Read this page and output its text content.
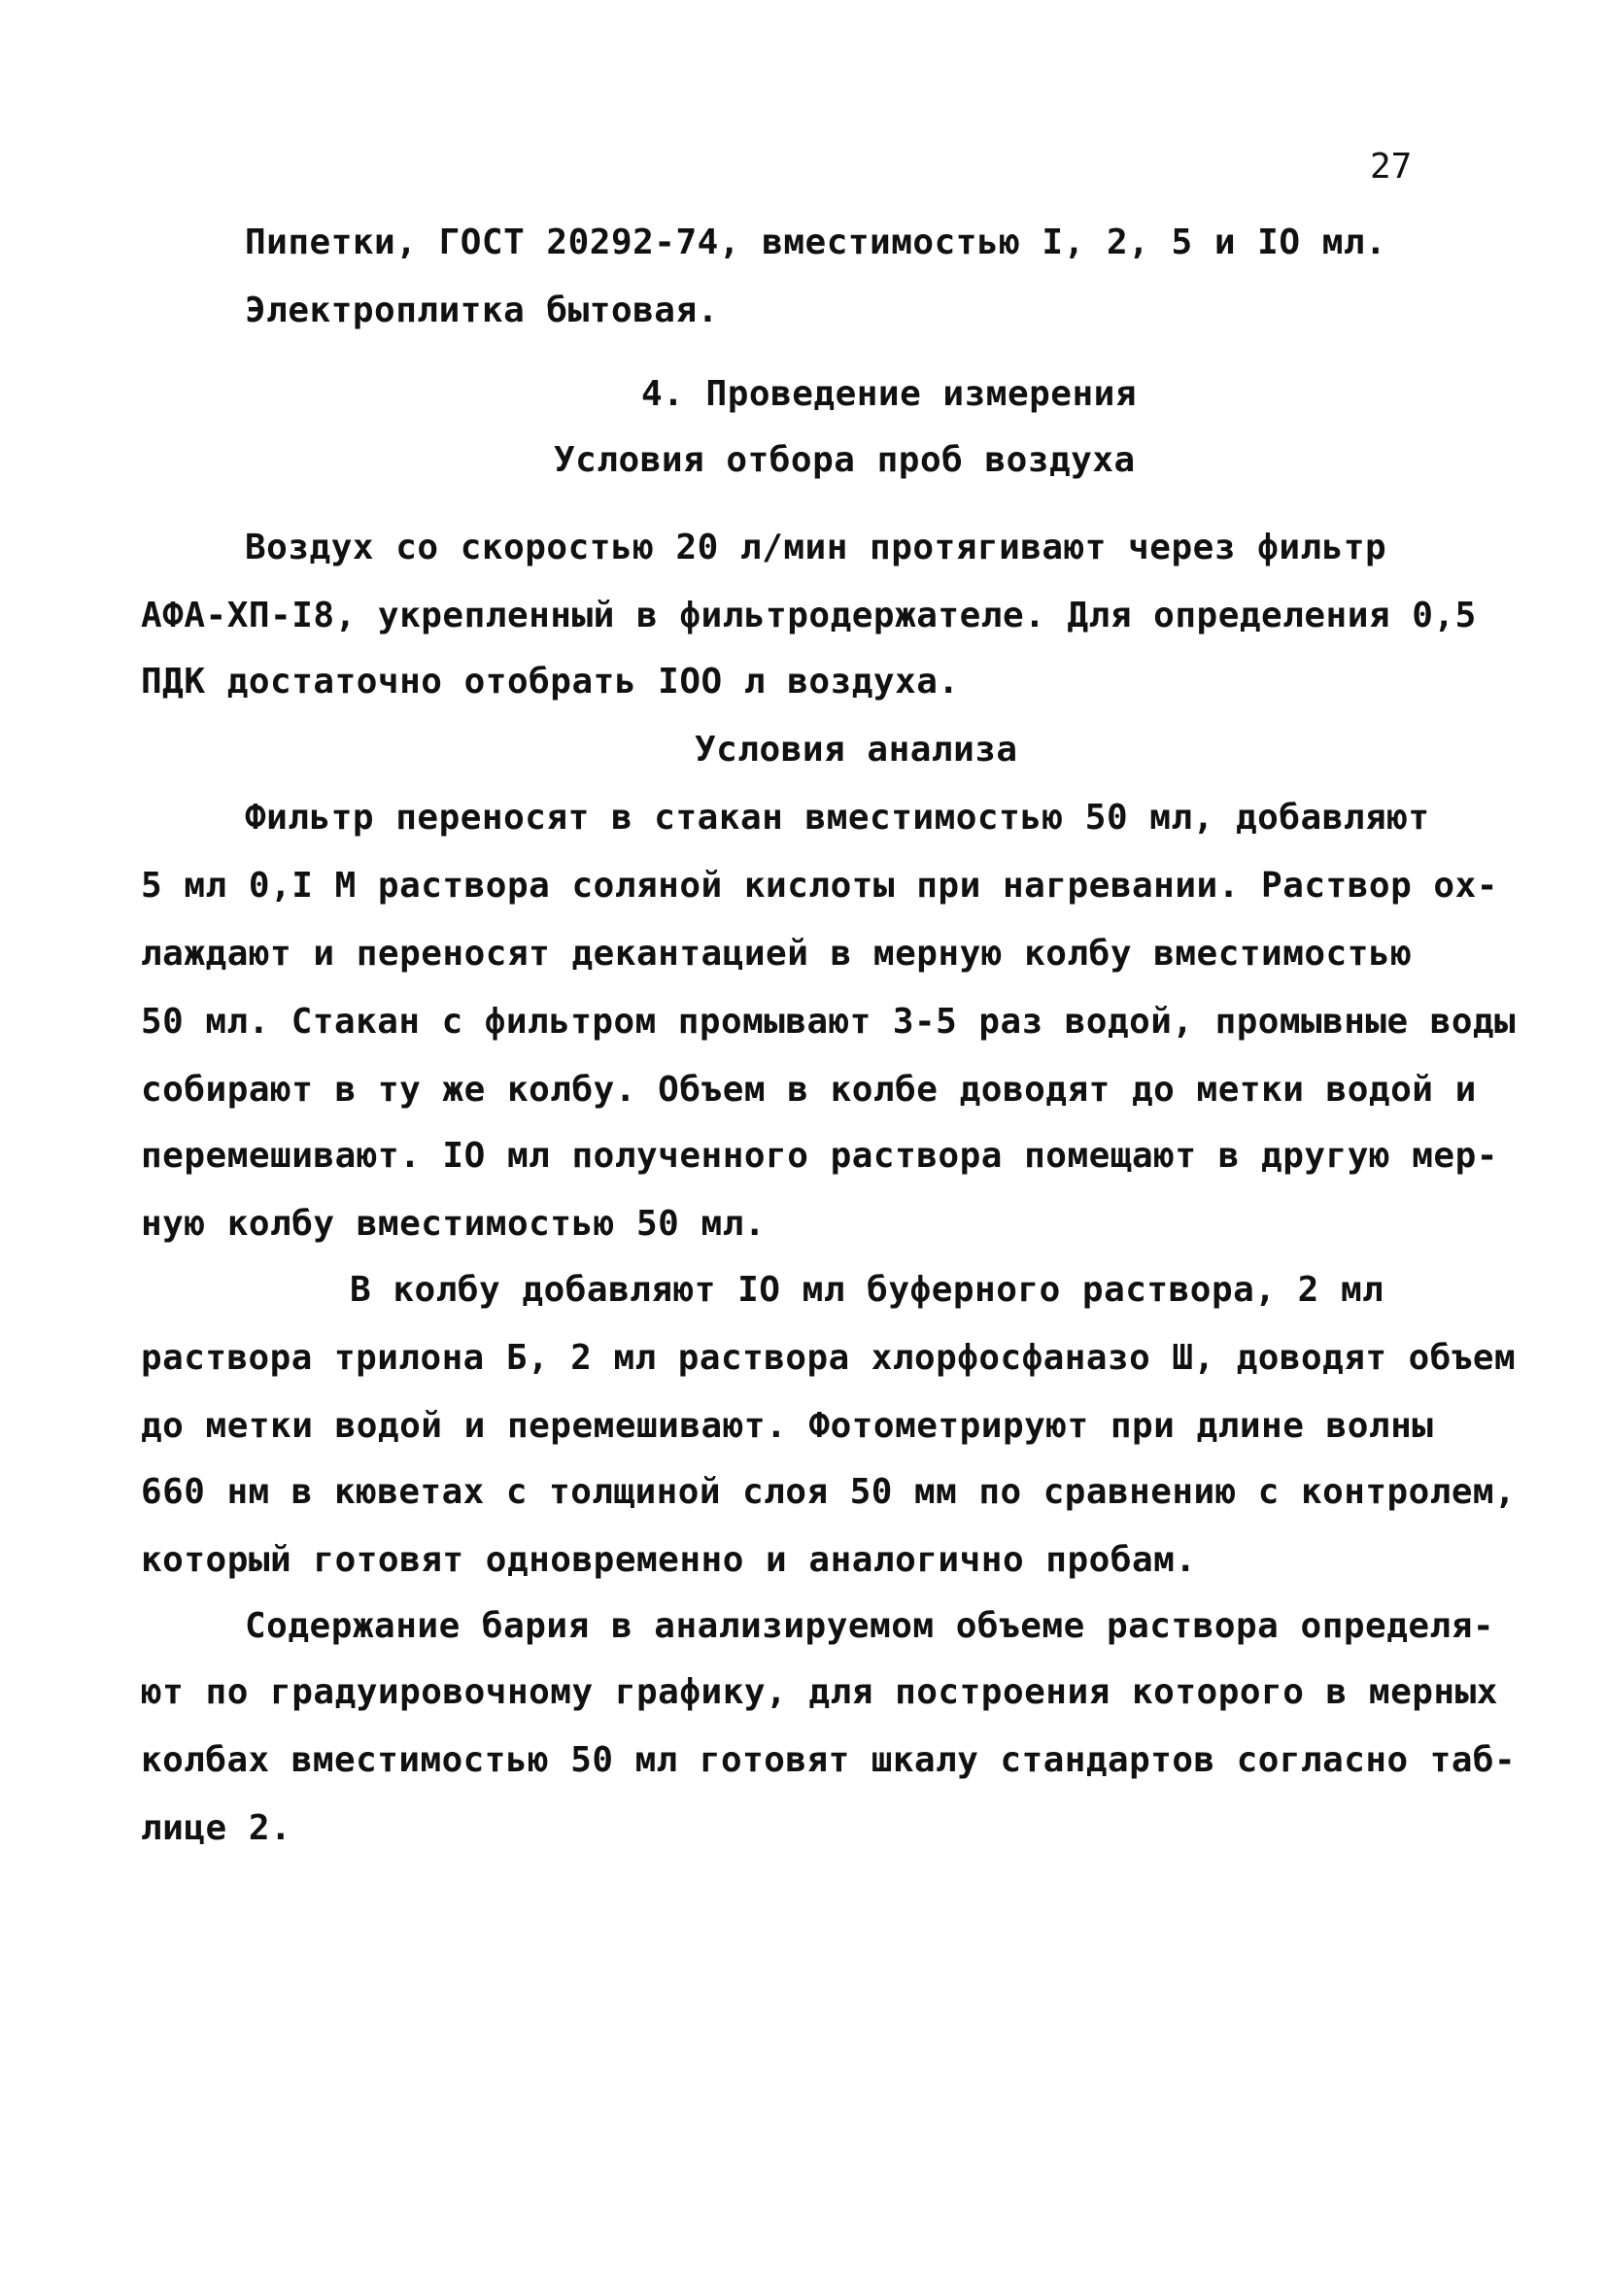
27
Пипетки, ГОСТ 20292-74, вместимостью I, 2, 5 и IO мл.
Электроплитка бытовая.
4. Проведение измерения
Условия отбора проб воздуха
Воздух со скоростью 20 л/мин протягивают через фильтр
АФА-ХП-I8, укрепленный в фильтродержателе. Для определения 0,5
ПДК достаточно отобрать IOO л воздуха.
Условия анализа
Фильтр переносят в стакан вместимостью 50 мл, добавляют
5 мл 0,I М раствора соляной кислоты при нагревании. Раствор ох-
лаждают и переносят декантацией в мерную колбу вместимостью
50 мл. Стакан с фильтром промывают 3-5 раз водой, промывные воды
собирают в ту же колбу. Объем в колбе доводят до метки водой и
перемешивают. IO мл полученного раствора помещают в другую мер-
ную колбу вместимостью 50 мл.
В колбу добавляют IO мл буферного раствора, 2 мл
раствора трилона Б, 2 мл раствора хлорфосфаназо Ш, доводят объем
до метки водой и перемешивают. Фотометрируют при длине волны
660 нм в кюветах с толщиной слоя 50 мм по сравнению с контролем,
который готовят одновременно и аналогично пробам.
Содержание бария в анализируемом объеме раствора определя-
ют по градуировочному графику, для построения которого в мерных
колбах вместимостью 50 мл готовят шкалу стандартов согласно таб-
лице 2.
